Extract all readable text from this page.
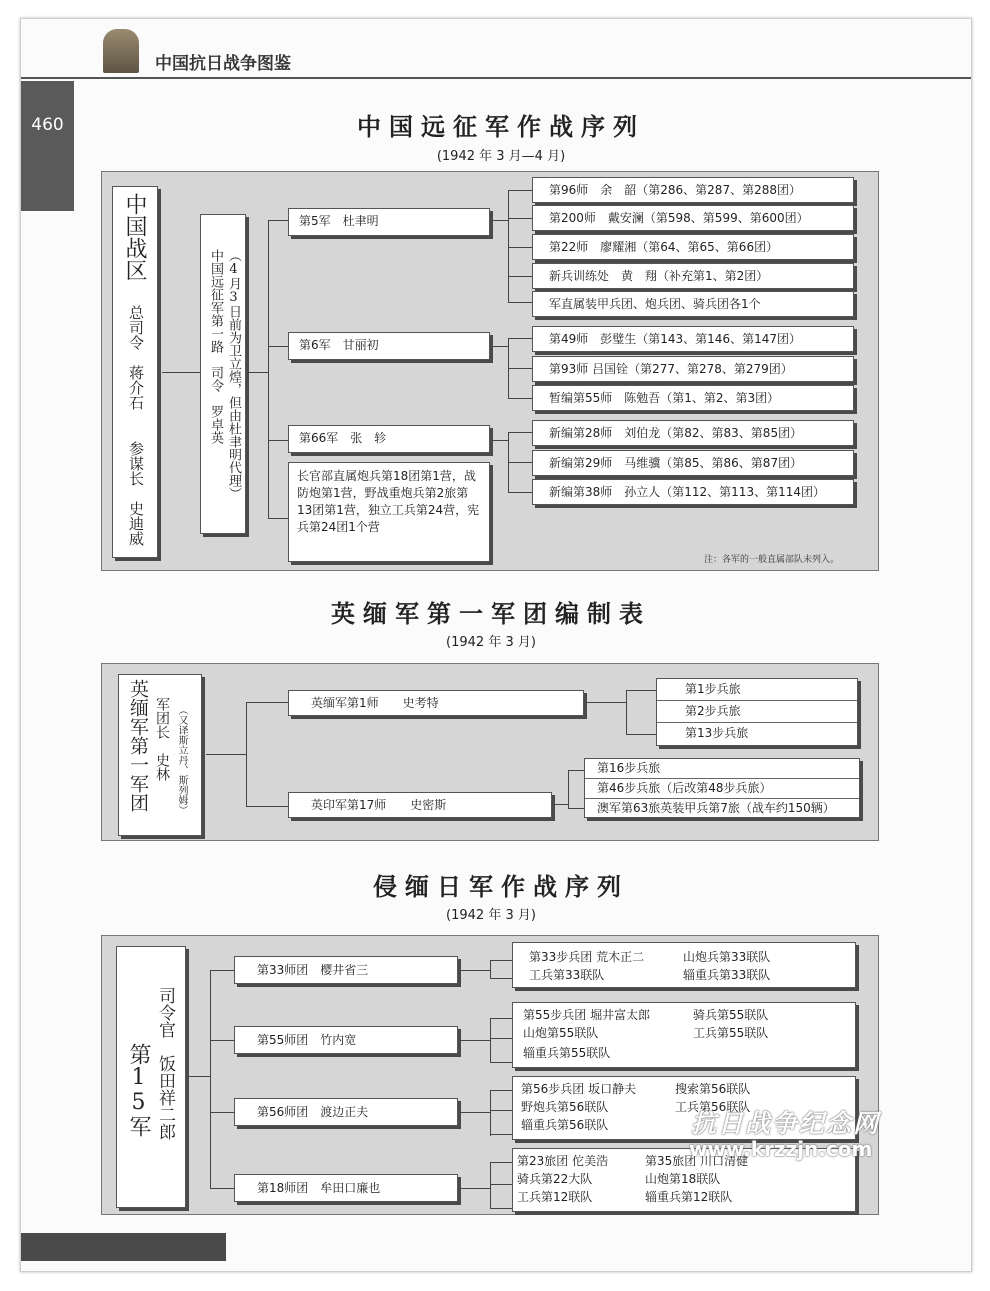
中国抗日战争图鉴
460	中国远征军作战序列
(1942 年 3 月—4 月)
中国战区
总司令　蒋介石
参谋长　史迪威
中国远征军第一路　司令　罗卓英 （4月3日前为卫立煌，但由杜聿明代理）
第5军　杜聿明
第6军　甘丽初
第66军　张　轸
长官部直属炮兵第18团第1营，战防炮第1营，野战重炮兵第2旅第13团第1营，独立工兵第24营，宪兵第24团1个营
第96师　余　韶（第286、第287、第288团）
第200师　戴安澜（第598、第599、第600团）
第22师　廖耀湘（第64、第65、第66团）
新兵训练处　黄　翔（补充第1、第2团）
军直属装甲兵团、炮兵团、骑兵团各1个
第49师　彭璧生（第143、第146、第147团）
第93师 吕国铨（第277、第278、第279团）
暂编第55师　陈勉吾（第1、第2、第3团）
新编第28师　刘伯龙（第82、第83、第85团）
新编第29师　马维骥（第85、第86、第87团）
新编第38师　孙立人（第112、第113、第114团）
注：各军的一般直属部队未列入。
英缅军第一军团编制表
(1942 年 3 月)
英缅军第一军团 军团长　史林 （又译斯立丹、斯列姆）
英缅军第1师　　史考特
英印军第17师　　史密斯
第1步兵旅
第2步兵旅
第13步兵旅
第16步兵旅
第46步兵旅（后改第48步兵旅）
澳军第63旅英装甲兵第7旅（战车约150辆）
侵缅日军作战序列
(1942 年 3 月)
第15军 司令官　饭田祥二郎
第33师团　樱井省三
第55师团　竹内宽
第56师团　渡边正夫
第18师团　牟田口廉也
第33步兵团 荒木正二	山炮兵第33联队
工兵第33联队	辎重兵第33联队
第55步兵团 堀井富太郎	骑兵第55联队
山炮第55联队	工兵第55联队
辎重兵第55联队
第56步兵团 坂口静夫	搜索第56联队
野炮兵第56联队	工兵第56联队
辎重兵第56联队
第23旅团 佗美浩	第35旅团 川口清健
骑兵第22大队	山炮第18联队
工兵第12联队	辎重兵第12联队
抗日战争纪念网
www.krzzjn.com
